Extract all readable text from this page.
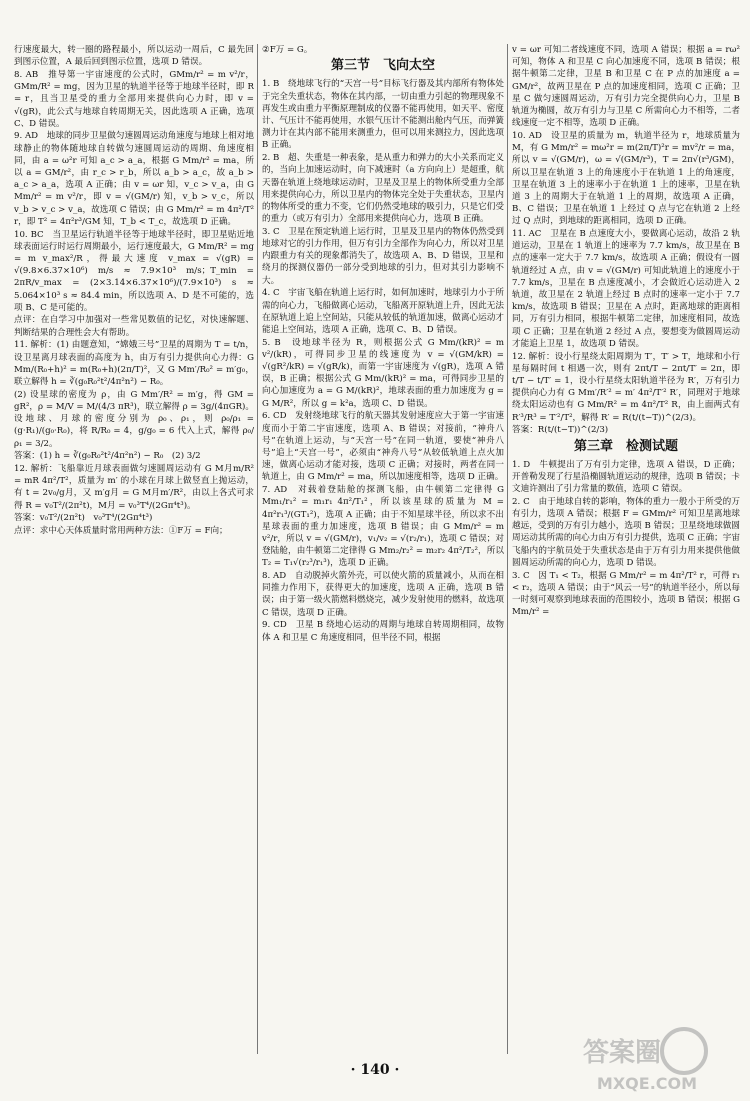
行速度最大，转一圈的路程最小，所以运动一周后，C 最先回到图示位置，A 最后回到图示位置，选项 D 错误。
8. AB　推导第一宇宙速度的公式时，GMm/r² = m v²/r，GMm/R² = mg，因为卫星的轨道半径等于地球半径时，即 R = r，且当卫星受的重力全部用来提供向心力时，即 v = √(gR)，此公式与地球自转周期无关，因此选项 A 正确，选项 C、D 错误。
9. AD　地球的同步卫星做匀速圆周运动角速度与地球上相对地球静止的物体随地球自转做匀速圆周运动的周期、角速度相同，由 a = ω²r 可知 a_c > a_a，根据 G Mm/r² = ma，所以 a = GM/r²，由 r_c > r_b，所以 a_b > a_c，故 a_b > a_c > a_a，选项 A 正确；由 v = ωr 知，v_c > v_a，由 G Mm/r² = m v²/r，即 v = √(GM/r) 知，v_b > v_c，所以 v_b > v_c > v_a，故选项 C 错误；由 G Mm/r² = m 4π²/T² r，即 T² = 4π²r³/GM 知，T_b < T_c，故选项 D 正确。
10. BC　当卫星运行轨道半径等于地球半径时，即卫星贴近地球表面运行时运行周期最小，运行速度最大，G Mm/R² = mg = m v_max²/R，得最大速度 v_max = √(gR) = √(9.8×6.37×10⁶) m/s ≈ 7.9×10³ m/s；T_min = 2πR/v_max = (2×3.14×6.37×10⁶)/(7.9×10³) s ≈ 5.064×10³ s ≈ 84.4 min，所以选项 A、D 是不可能的，选项 B、C 是可能的。
点评：在自学习中加强对一些常见数值的记忆，对快速解题、判断结果的合理性会大有帮助。
11. 解析：(1) 由题意知，“嫦娥三号”卫星的周期为 T = t/n，设卫星离月球表面的高度为 h，由万有引力提供向心力得：G Mm/(R₀+h)² = m(R₀+h)(2π/T)²，又 G Mm′/R₀² = m′g₀，联立解得 h = ∛(g₀R₀²t²/4π²n²) − R₀。
(2) 设星球的密度为 ρ，由 G Mm′/R² = m′g，得 GM = gR²，ρ = M/V = M/(4/3 πR³)，联立解得 ρ = 3g/(4πGR)。设地球、月球的密度分别为 ρ₀、ρ₁，则 ρ₀/ρ₁ = (g·R₁)/(g₀·R₀)，将 R/R₀ = 4，g/g₀ = 6 代入上式，解得 ρ₀/ρ₁ = 3/2。
答案：(1) h = ∛(g₀R₀²t²/4π²n²) − R₀　(2) 3/2
12. 解析：飞船靠近月球表面做匀速圆周运动有 G M月m/R² = mR 4π²/T²，质量为 m′ 的小球在月球上做竖直上抛运动，有 t = 2v₀/g月，又 m′g月 = G M月m′/R²，由以上各式可求得 R = v₀T²/(2π²t)，M月 = v₀³T⁴/(2Gπ⁴t³)。
答案：v₀T²/(2π²t)　v₀³T⁴/(2Gπ⁴t³)
点评：求中心天体质量时常用两种方法：①F万 = F向；
②F万 = G。
第三节　飞向太空
1. B　绕地球飞行的“天宫一号”目标飞行器及其内部所有物体处于完全失重状态，物体在其内部，一切由重力引起的物理现象不再发生或由重力平衡原理制成的仪器不能再使用，如天平、密度计、气压计不能再使用，水银气压计不能测出舱内气压，而弹簧测力计在其内部不能用来测重力，但可以用来测拉力，因此选项 B 正确。
2. B　超、失重是一种表象，是从重力和弹力的大小关系而定义的，当向上加速运动时，向下减速时（a 方向向上）是超重，航天器在轨道上绕地球运动时，卫星及卫星上的物体所受重力全部用来提供向心力，所以卫星内的物体完全处于失重状态，卫星内的物体所受的重力不变，它们仍然受地球的吸引力，只是它们受的重力（或万有引力）全部用来提供向心力，选项 B 正确。
3. C　卫星在预定轨道上运行时，卫星及卫星内的物体仍然受到地球对它的引力作用，但万有引力全部作为向心力，所以对卫星内跟重力有关的现象都消失了，故选项 A、B、D 错误，卫星和绕月的探测仪器仍一部分受到地球的引力，但对其引力影响不大。
4. C　宇宙飞船在轨道上运行时，如何加速时，地球引力小于所需的向心力，飞船做离心运动，飞船离开原轨道上升，因此无法在原轨道上追上空间站，只能从较低的轨道加速，做离心运动才能追上空间站，选项 A 正确，选项 C、B、D 错误。
5. B　设地球半径为 R，则根据公式 G Mm/(kR)² = m v²/(kR)，可得同步卫星的线速度为 v = √(GM/kR) = √(gR²/kR) = √(gR/k)，而第一宇宙速度为 √(gR)，选项 A 错误，B 正确；根据公式 G Mm/(kR)² = ma，可得同步卫星的向心加速度为 a = G M/(kR)²，地球表面的重力加速度为 g = G M/R²，所以 g = k²a，选项 C、D 错误。
6. CD　发射绕地球飞行的航天器其发射速度应大于第一宇宙速度而小于第二宇宙速度，选项 A、B 错误；对接前，“神舟八号”在轨道上运动，与“天宫一号”在同一轨道，要使“神舟八号”追上“天宫一号”，必须由“神舟八号”从较低轨道上点火加速，做离心运动才能对接，选项 C 正确；对接时，两者在同一轨道上，由 G Mm/r² = ma，所以加速度相等，选项 D 正确。
7. AD　对载着登陆舱的探测飞船，由牛顿第二定律得 G Mm₁/r₁² = m₁r₁ 4π²/T₁²，所以该星球的质量为 M = 4π²r₁³/(GT₁²)，选项 A 正确；由于不知星球半径，所以求不出星球表面的重力加速度，选项 B 错误；由 G Mm/r² = m v²/r，所以 v = √(GM/r)，v₁/v₂ = √(r₂/r₁)，选项 C 错误；对登陆舱，由牛顿第二定律得 G Mm₂/r₂² = m₂r₂ 4π²/T₂²，所以 T₂ = T₁√(r₂³/r₁³)，选项 D 正确。
8. AD　自动脱掉火箭外壳，可以使火箭的质量减小，从而在相同推力作用下，获得更大的加速度，选项 A 正确，选项 B 错误；由于第一级火箭燃料燃烧完，减少发射使用的燃料，故选项 C 错误，选项 D 正确。
9. CD　卫星 B 绕地心运动的周期与地球自转周期相同，故物体 A 和卫星 C 角速度相同，但半径不同，根据
v = ωr 可知二者线速度不同，选项 A 错误；根据 a = rω² 可知，物体 A 和卫星 C 向心加速度不同，选项 B 错误；根据牛顿第二定律，卫星 B 和卫星 C 在 P 点的加速度 a = GM/r²，故两卫星在 P 点的加速度相同，选项 C 正确；卫星 C 做匀速圆周运动，万有引力完全提供向心力，卫星 B 轨道为椭圆，故万有引力与卫星 C 所需向心力不相等，二者线速度一定不相等，选项 D 正确。
10. AD　设卫星的质量为 m，轨道半径为 r，地球质量为 M，有 G Mm/r² = mω²r = m(2π/T)²r = mv²/r = ma，所以 v = √(GM/r)，ω = √(GM/r³)，T = 2π√(r³/GM)，所以卫星在轨道 3 上的角速度小于在轨道 1 上的角速度，卫星在轨道 3 上的速率小于在轨道 1 上的速率，卫星在轨道 3 上的周期大于在轨道 1 上的周期，故选项 A 正确，B、C 错误；卫星在轨道 1 上经过 Q 点与它在轨道 2 上经过 Q 点时，到地球的距离相同，选项 D 正确。
11. AC　卫星在 B 点速度大小，要做离心运动，故沿 2 轨道运动，卫星在 1 轨道上的速率为 7.7 km/s，故卫星在 B 点的速率一定大于 7.7 km/s，故选项 A 正确；假设有一圆轨道经过 A 点，由 v = √(GM/r) 可知此轨道上的速度小于 7.7 km/s，卫星在 B 点速度减小，才会做近心运动进入 2 轨道，故卫星在 2 轨道上经过 B 点时的速率一定小于 7.7 km/s，故选项 B 错误；卫星在 A 点时，距离地球的距离相同，万有引力相同，根据牛顿第二定律，加速度相同，故选项 C 正确；卫星在轨道 2 经过 A 点，要想变为做圆周运动才能追上卫星 1，故选项 D 错误。
12. 解析：设小行星绕太阳周期为 T′，T′ > T，地球和小行星每隔时间 t 相遇一次，则有 2πt/T − 2πt/T′ = 2π，即 t/T − t/T′ = 1，设小行星绕太阳轨道半径为 R′，万有引力提供向心力有 G Mm′/R′² = m′ 4π²/T′² R′，同理对于地球绕太阳运动也有 G Mm/R² = m 4π²/T² R，由上面两式有 R′³/R³ = T′²/T²，解得 R′ = R(t/(t−T))^(2/3)。
答案：R(t/(t−T))^(2/3)
第三章　检测试题
1. D　牛顿提出了万有引力定律，选项 A 错误，D 正确；开普勒发现了行星沿椭圆轨道运动的规律，选项 B 错误；卡文迪许测出了引力常量的数值，选项 C 错误。
2. C　由于地球自转的影响，物体的重力一般小于所受的万有引力，选项 A 错误；根据 F = GMm/r² 可知卫星离地球越远，受到的万有引力越小，选项 B 错误；卫星绕地球做圆周运动其所需的向心力由万有引力提供，选项 C 正确；宇宙飞船内的宇航员处于失重状态是由于万有引力用来提供他做圆周运动所需的向心力，选项 D 错误。
3. C　因 T₁ < T₂，根据 G Mm/r² = m 4π²/T² r，可得 r₁ < r₂，选项 A 错误；由于“风云一号”的轨道半径小，所以每一时刻可观察到地球表面的范围较小，选项 B 错误；根据 G Mm/r² =
· 140 ·
答案圈
MXQE.COM
